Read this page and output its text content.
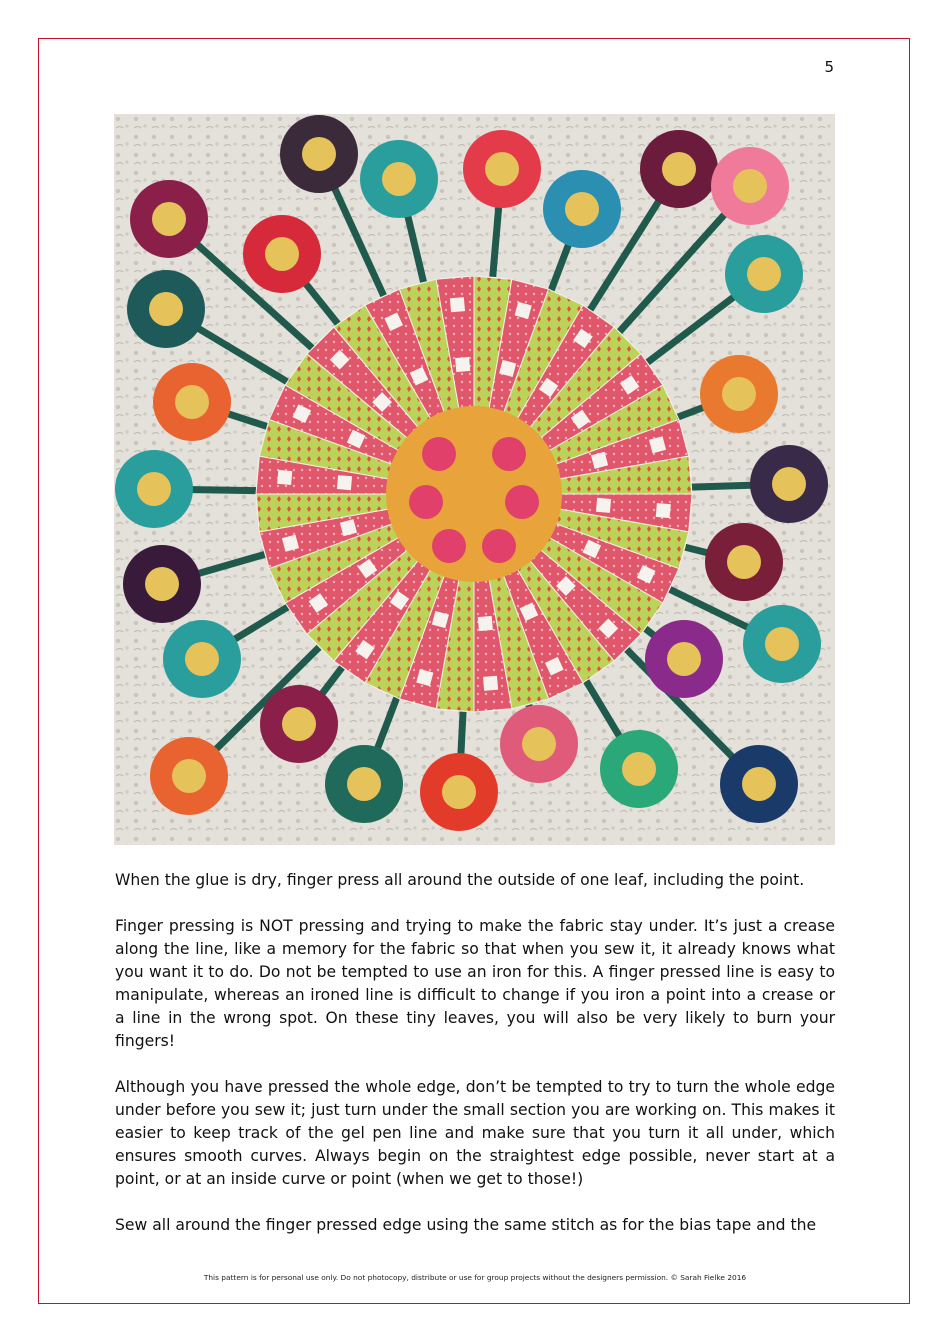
5

When the glue is dry, finger press all around the outside of one leaf, including the point.

Finger pressing is NOT pressing and trying to make the fabric stay under. It’s just a crease along the line, like a memory for the fabric so that when you sew it, it already knows what you want it to do. Do not be tempted to use an iron for this. A finger pressed line is easy to manipulate, whereas an ironed line is difficult to change if you iron a point into a crease or a line in the wrong spot. On these tiny leaves, you will also be very likely to burn your fingers!

Although you have pressed the whole edge, don’t be tempted to try to turn the whole edge under before you sew it; just turn under the small section you are working on. This makes it easier to keep track of the gel pen line and make sure that you turn it all under, which ensures smooth curves. Always begin on the straightest edge possible, never start at a point, or at an inside curve or point (when we get to those!)

Sew all around the finger pressed edge using the same stitch as for the bias tape and the

This pattern is for personal use only. Do not photocopy, distribute or use for group projects without the designers permission. © Sarah Fielke 2016
